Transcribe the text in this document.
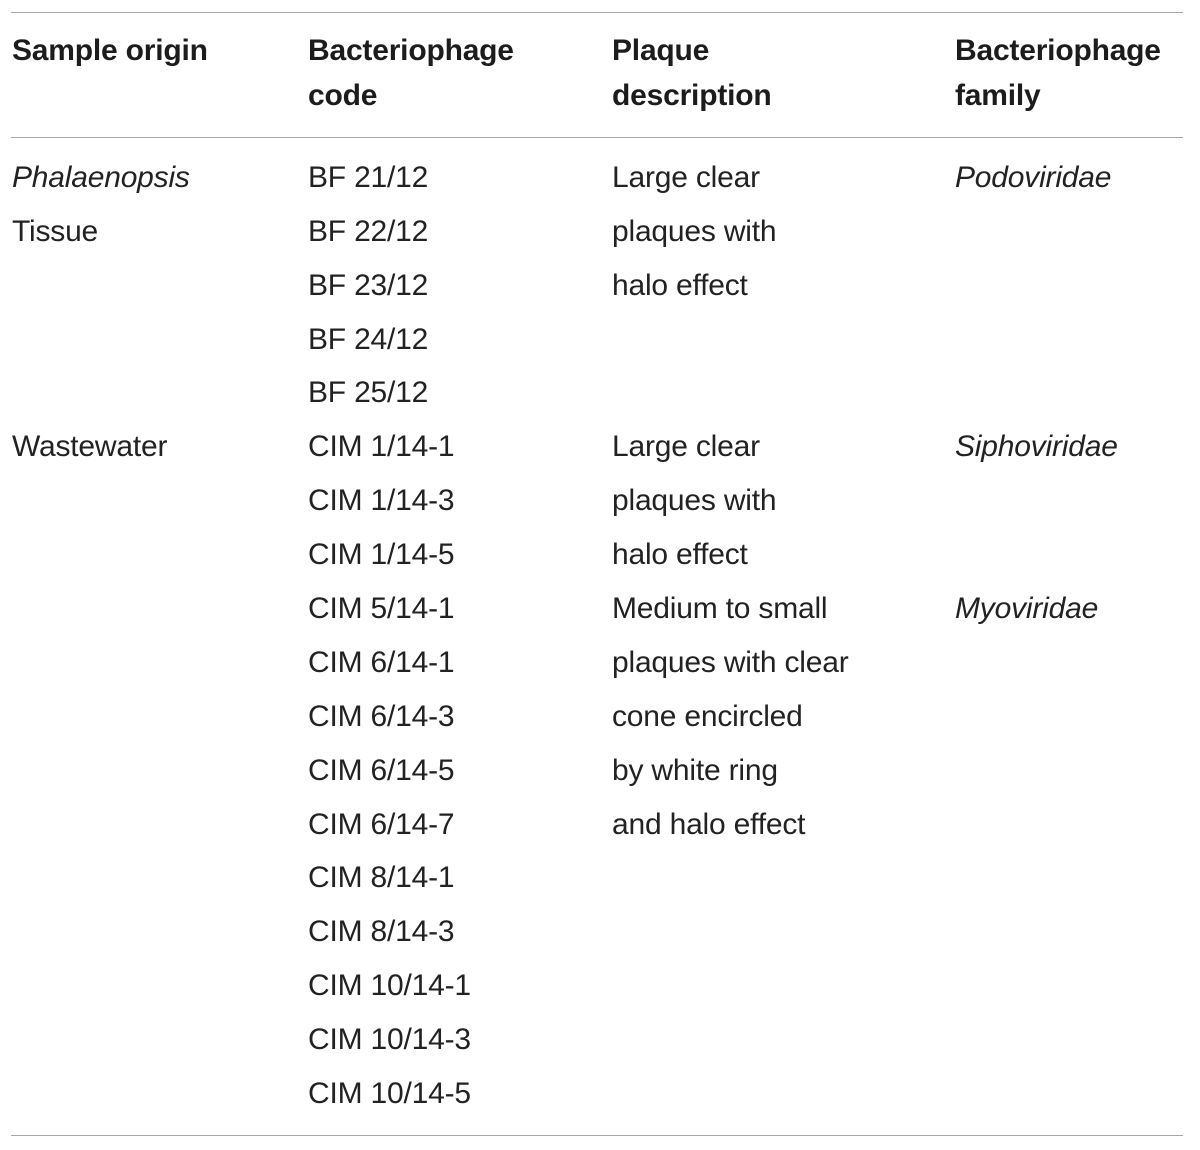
Sample origin	Bacteriophage
code
Plaque
description
Bacteriophage
family
Phalaenopsis
Tissue
BF 21/12
BF 22/12
BF 23/12
BF 24/12
BF 25/12
Large clear
plaques with
halo effect
Podoviridae
Wastewater	CIM 1/14-1
CIM 1/14-3
CIM 1/14-5
Large clear
plaques with
halo effect
Siphoviridae
CIM 5/14-1
CIM 6/14-1
CIM 6/14-3
CIM 6/14-5
CIM 6/14-7
CIM 8/14-1
CIM 8/14-3
CIM 10/14-1
CIM 10/14-3
CIM 10/14-5
Medium to small
plaques with clear
cone encircled
by white ring
and halo effect
Myoviridae
